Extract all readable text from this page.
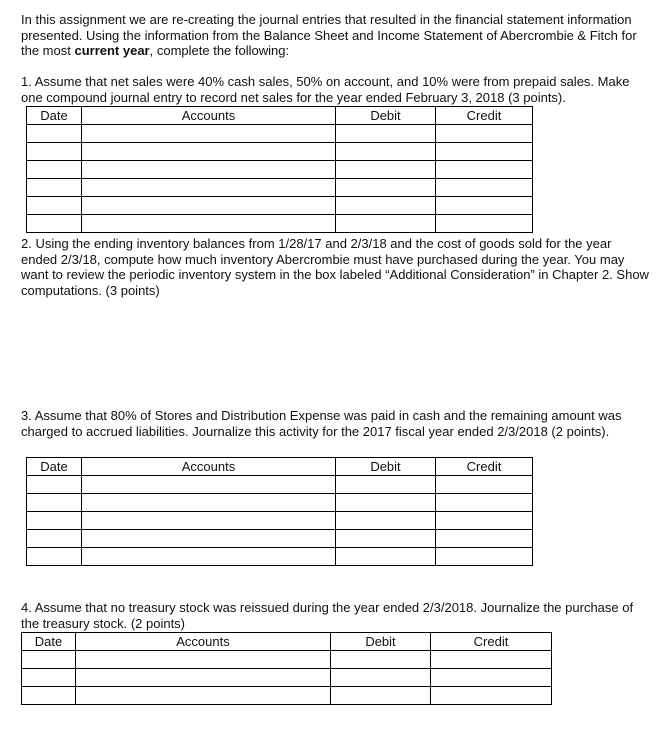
In this assignment we are re-creating the journal entries that resulted in the financial statement information presented. Using the information from the Balance Sheet and Income Statement of Abercrombie & Fitch for the most current year, complete the following:

1. Assume that net sales were 40% cash sales, 50% on account, and 10% were from prepaid sales. Make one compound journal entry to record net sales for the year ended February 3, 2018 (3 points).

Date	Accounts	Debit	Credit

2. Using the ending inventory balances from 1/28/17 and 2/3/18 and the cost of goods sold for the year ended 2/3/18, compute how much inventory Abercrombie must have purchased during the year. You may want to review the periodic inventory system in the box labeled “Additional Consideration” in Chapter 2. Show computations. (3 points)

3. Assume that 80% of Stores and Distribution Expense was paid in cash and the remaining amount was charged to accrued liabilities. Journalize this activity for the 2017 fiscal year ended 2/3/2018 (2 points).

Date	Accounts	Debit	Credit

4. Assume that no treasury stock was reissued during the year ended 2/3/2018. Journalize the purchase of the treasury stock. (2 points)

Date	Accounts	Debit	Credit
